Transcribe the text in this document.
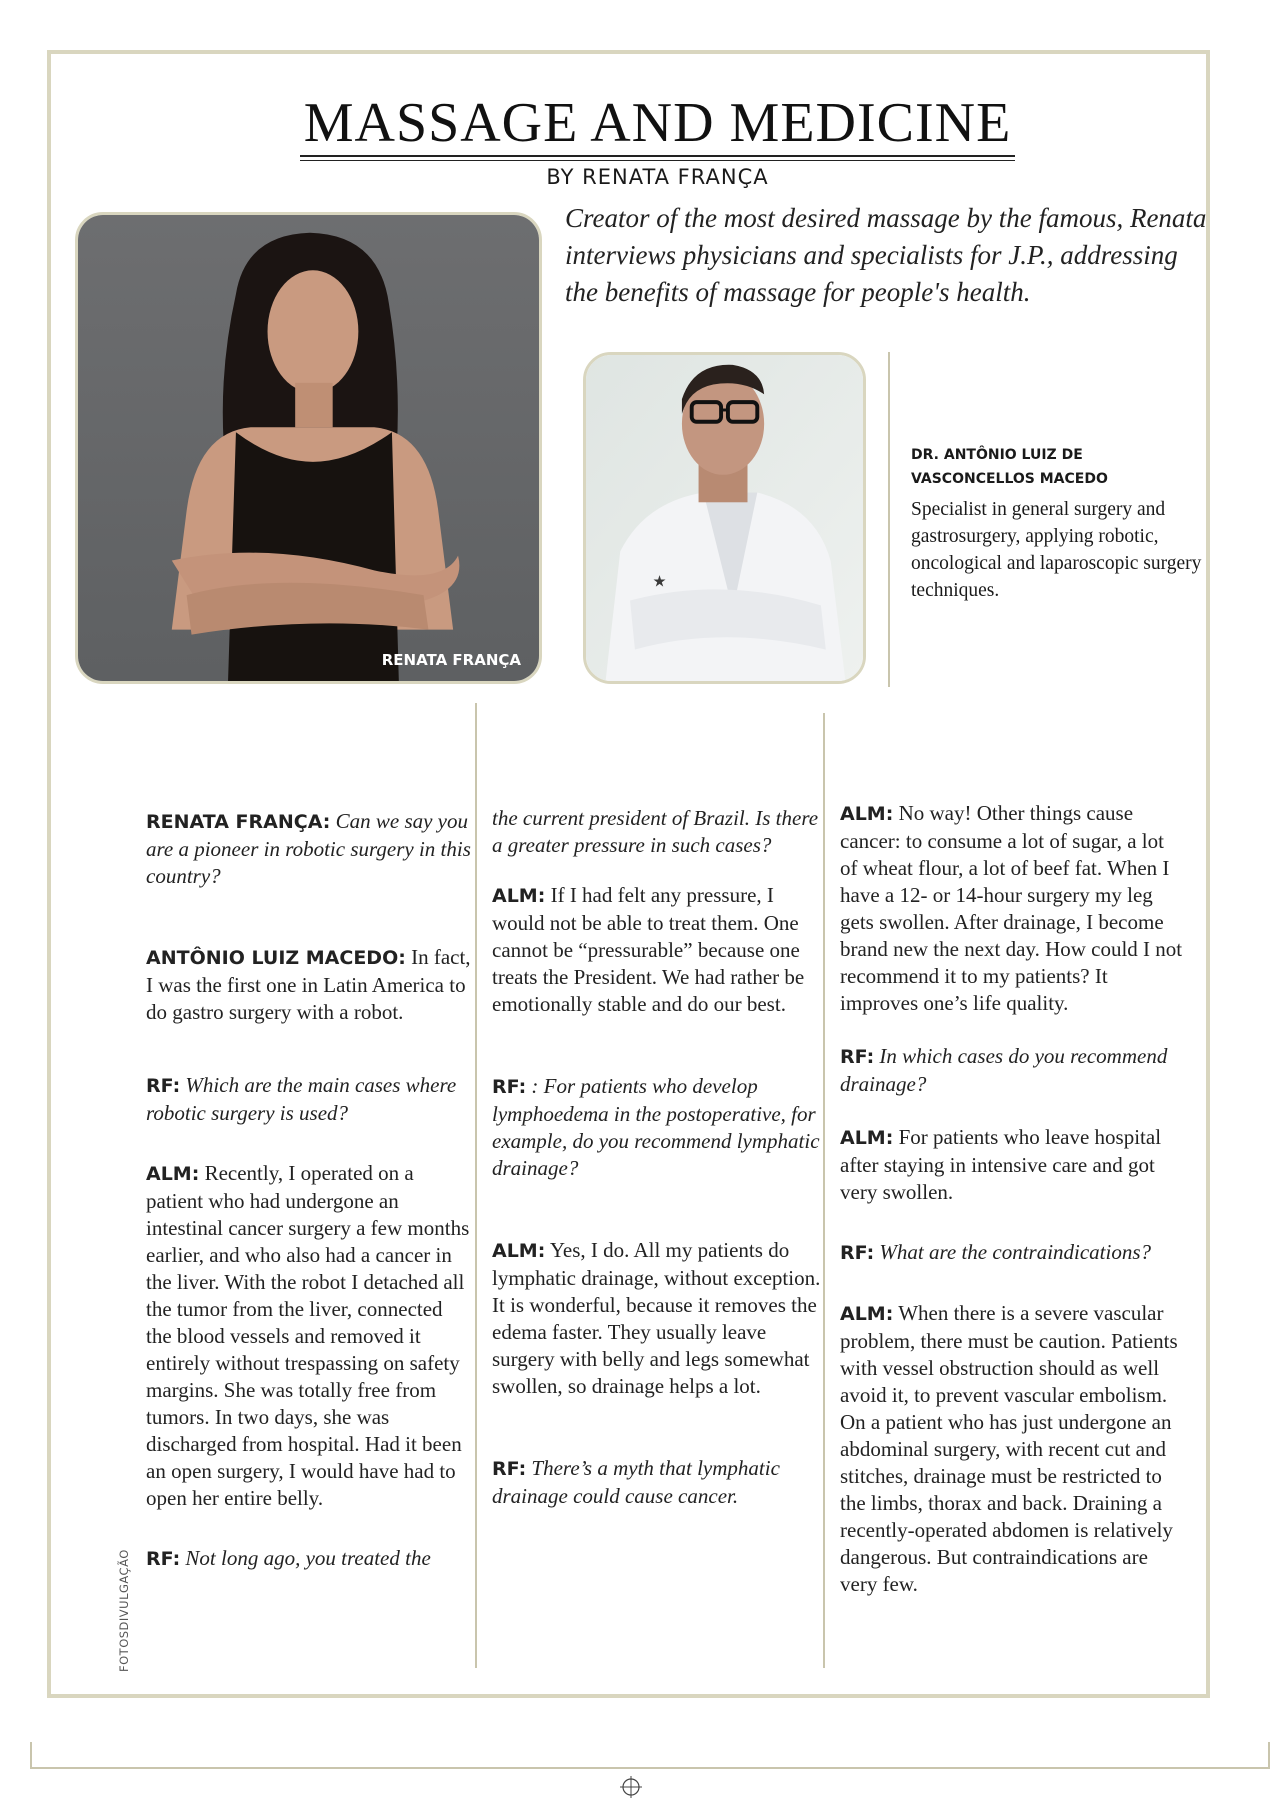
MASSAGE AND MEDICINE
BY RENATA FRANÇA
Creator of the most desired massage by the famous, Renata interviews physicians and specialists for J.P., addressing the benefits of massage for people's health.
RENATA FRANÇA
★
DR. ANTÔNIO LUIZ DE
VASCONCELLOS MACEDO
Specialist in general surgery and gastrosurgery, applying robotic, oncological and laparoscopic surgery techniques.

RENATA FRANÇA: Can we say you are a pioneer in robotic surgery in this country?

ANTÔNIO LUIZ MACEDO: In fact, I was the first one in Latin America to do gastro surgery with a robot.

RF: Which are the main cases where robotic surgery is used?

ALM: Recently, I operated on a patient who had undergone an intestinal cancer surgery a few months earlier, and who also had a cancer in the liver. With the robot I detached all the tumor from the liver, connected the blood vessels and removed it entirely without trespassing on safety margins. She was totally free from tumors. In two days, she was discharged from hospital. Had it been an open surgery, I would have had to open her entire belly.

RF: Not long ago, you treated the

the current president of Brazil. Is there a greater pressure in such cases?

ALM: If I had felt any pressure, I would not be able to treat them. One cannot be “pressurable” because one treats the President. We had rather be emotionally stable and do our best.

RF: : For patients who develop lymphoedema in the postoperative, for example, do you recommend lymphatic drainage?

ALM: Yes, I do. All my patients do lymphatic drainage, without exception. It is wonderful, because it removes the edema faster. They usually leave surgery with belly and legs somewhat swollen, so drainage helps a lot.

RF: There’s a myth that lymphatic drainage could cause cancer.

ALM: No way! Other things cause cancer: to consume a lot of sugar, a lot of wheat flour, a lot of beef fat. When I have a 12- or 14-hour surgery my leg gets swollen. After drainage, I become brand new the next day. How could I not recommend it to my patients? It improves one’s life quality.

RF: In which cases do you recommend drainage?

ALM: For patients who leave hospital after staying in intensive care and got very swollen.

RF: What are the contraindications?

ALM: When there is a severe vascular problem, there must be caution. Patients with vessel obstruction should as well avoid it, to prevent vascular embolism. On a patient who has just undergone an abdominal surgery, with recent cut and stitches, drainage must be restricted to the limbs, thorax and back. Draining a recently-operated abdomen is relatively dangerous. But contraindications are very few.

FOTOSDIVULGAÇÃO
